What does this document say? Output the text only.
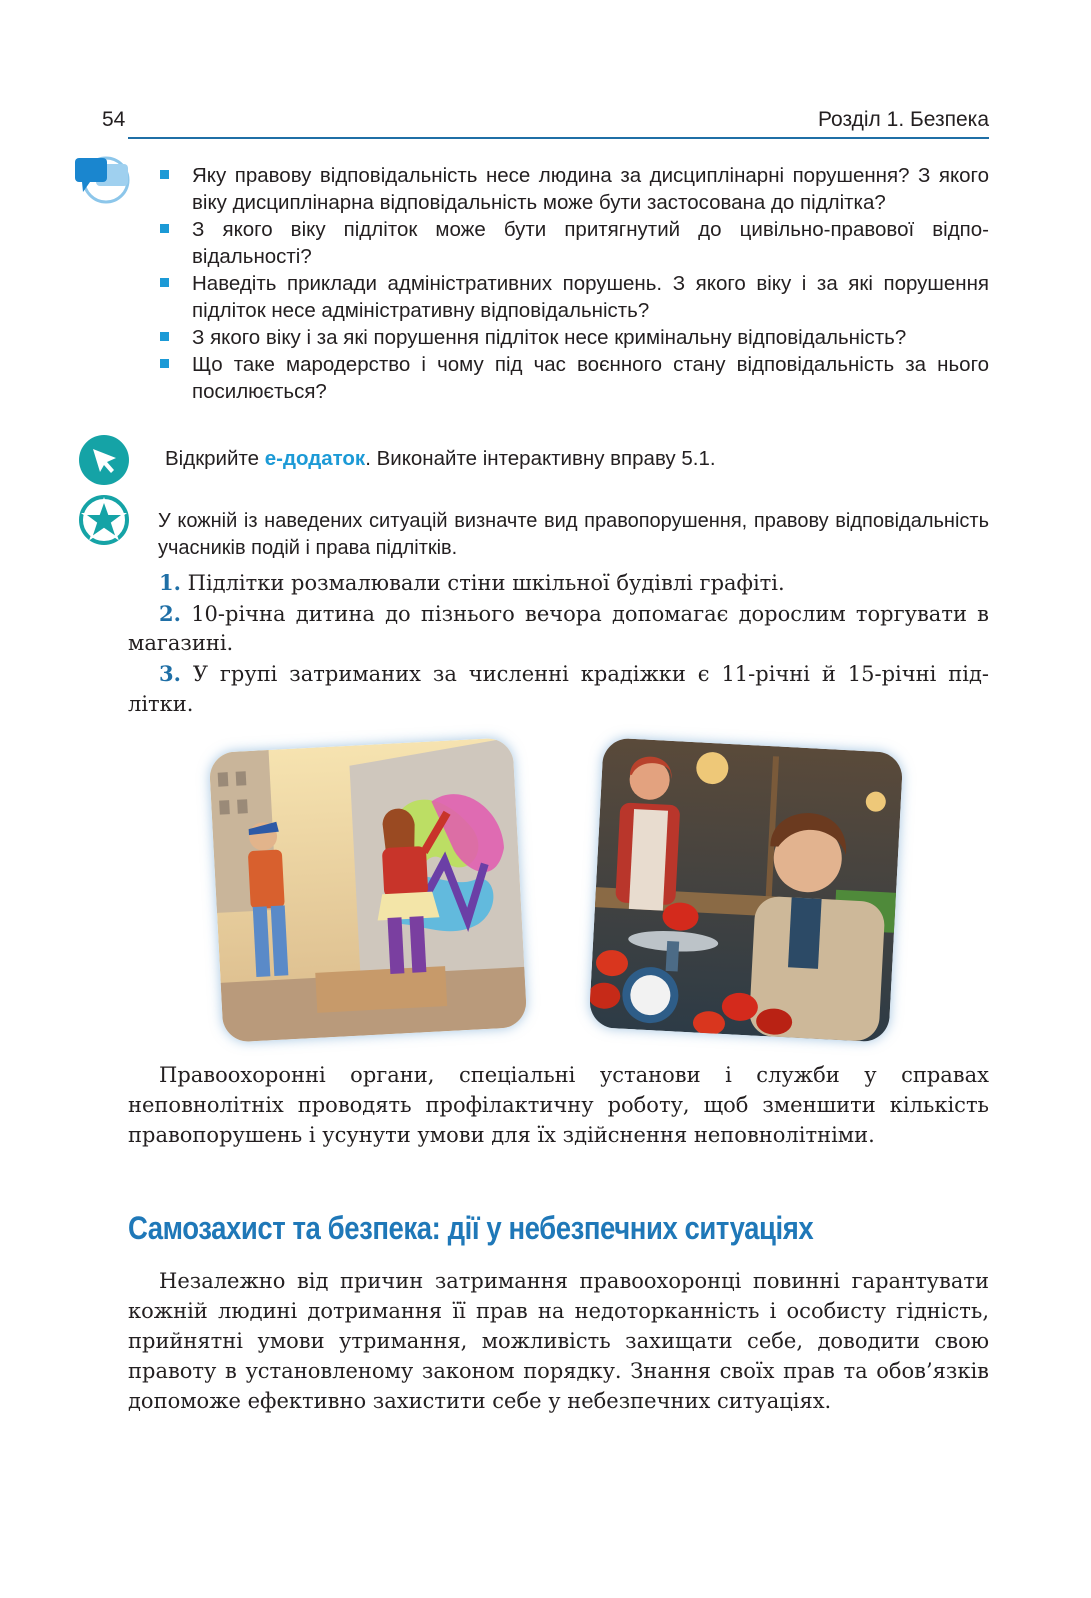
54	Розділ 1. Безпека
Яку правову відповідальність несе людина за дисциплінарні порушення? З якого віку дисциплінарна відповідальність може бути застосована до підлітка?
З якого віку підліток може бути притягнутий до цивільно-правової відповідальності?
Наведіть приклади адміністративних порушень. З якого віку і за які порушення підліток несе адміністративну відповідальність?
З якого віку і за які порушення підліток несе кримінальну відповідальність?
Що таке мародерство і чому під час воєнного стану відповідальність за нього посилюється?
Відкрийте е-додаток. Виконайте інтерактивну вправу 5.1.
У кожній із наведених ситуацій визначте вид правопорушення, правову відповідальність учасників подій і права підлітків.

1. Підлітки розмалювали стіни шкільної будівлі графіті.

2. 10-річна дитина до пізнього вечора допомагає дорослим торгувати в магазині.

3. У групі затриманих за численні крадіжки є 11-річні й 15-річні підлітки.

Правоохоронні органи, спеціальні установи і служби у справах неповнолітніх проводять профілактичну роботу, щоб зменшити кількість правопорушень і усунути умови для їх здійснення неповнолітніми.

Самозахист та безпека: дії у небезпечних ситуаціях

Незалежно від причин затримання правоохоронці повинні гарантувати кожній людині дотримання її прав на недоторканність і особисту гідність, прийнятні умови утримання, можливість захищати себе, доводити свою правоту в установленому законом порядку. Знання своїх прав та обов’язків допоможе ефективно захистити себе у небезпечних ситуаціях.
